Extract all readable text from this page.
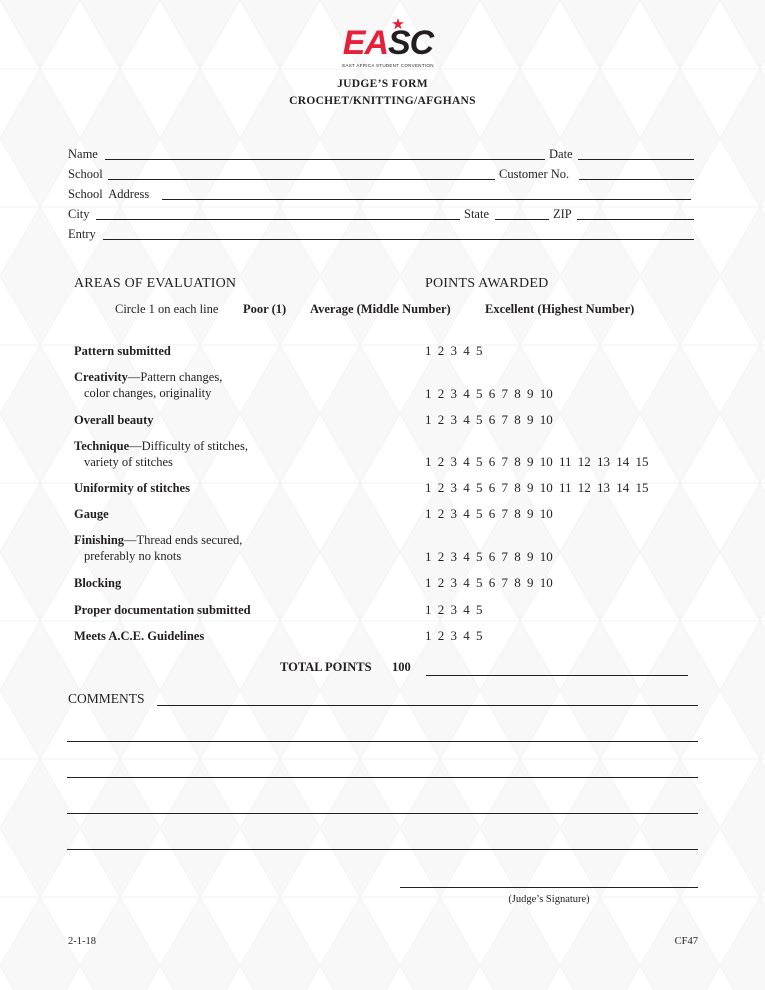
EASC
EAST AFRICA STUDENT CONVENTION
JUDGE’S FORM
CROCHET/KNITTING/AFGHANS
Name	Date
School	Customer No.
School  Address
City	State	ZIP
Entry
AREAS OF EVALUATION	POINTS AWARDED
Circle 1 on each line Poor (1) Average (Middle Number)	Excellent (Highest Number)
Pattern submitted	1 2 3 4 5
Creativity—Pattern changes,
color changes, originality	1 2 3 4 5 6 7 8 9 10
Overall beauty	1 2 3 4 5 6 7 8 9 10
Technique—Difficulty of stitches,
variety of stitches	1 2 3 4 5 6 7 8 9 10 11 12 13 14 15
Uniformity of stitches	1 2 3 4 5 6 7 8 9 10 11 12 13 14 15
Gauge	1 2 3 4 5 6 7 8 9 10
Finishing—Thread ends secured,
preferably no knots	1 2 3 4 5 6 7 8 9 10
Blocking	1 2 3 4 5 6 7 8 9 10
Proper documentation submitted	1 2 3 4 5
Meets A.C.E. Guidelines	1 2 3 4 5
TOTAL POINTS 100
COMMENTS
(Judge’s Signature)
2-1-18	CF47
